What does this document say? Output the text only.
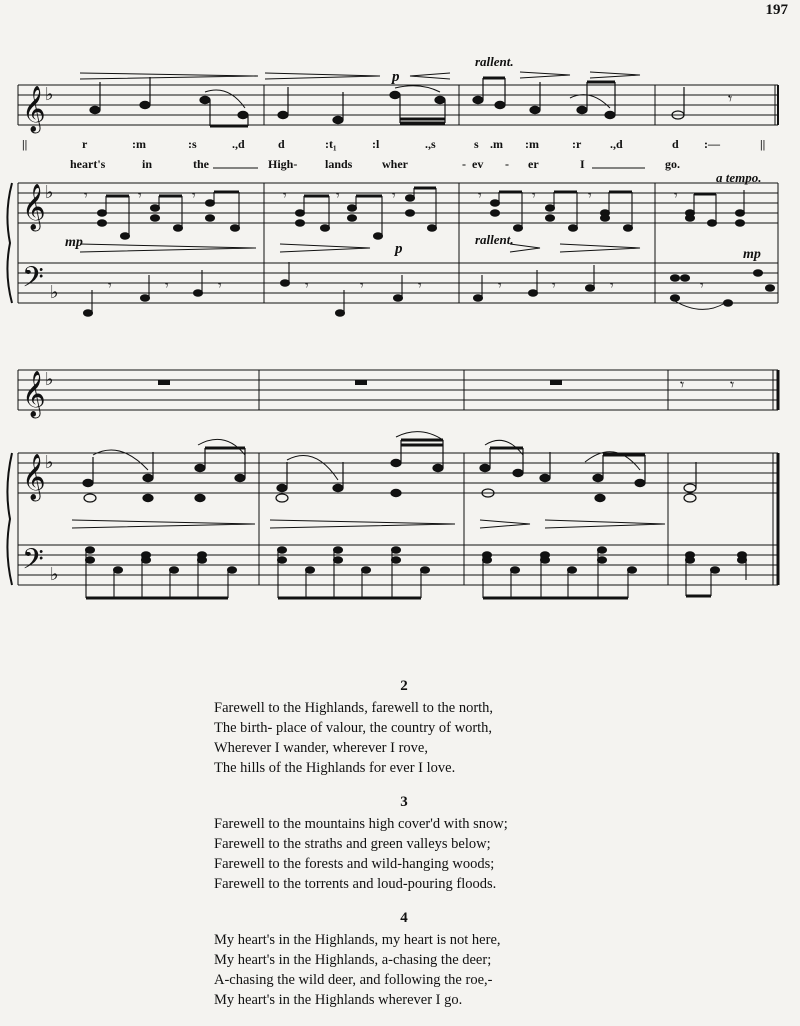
197
𝄞 ♭
𝄞 ♭
𝄢 ♭
𝄾
𝄾	𝄾	𝄾	𝄾	𝄾	𝄾	𝄾	𝄾	𝄾	𝄾
𝄾	𝄾	𝄾	𝄾	𝄾	𝄾	𝄾	𝄾	𝄾	𝄾
rallent.
p
a tempo.
mp	p
rallent.
mp
||	r	:m	:s	.,d	d	:t₁	:l	.,s	s .m :m	:r .,d	d :—	||
heart's	in	the	High- lands wher	- ev - er	I	go.
𝄞 ♭
𝄞 ♭
𝄢 ♭
𝄾	𝄾
2
Farewell to the Highlands, farewell to the north,
The birth- place of valour, the country of worth,
Wherever I wander, wherever I rove,
The hills of the Highlands for ever I love.
3
Farewell to the mountains high cover'd with snow;
Farewell to the straths and green valleys below;
Farewell to the forests and wild-hanging woods;
Farewell to the torrents and loud-pouring floods.
4
My heart's in the Highlands, my heart is not here,
My heart's in the Highlands, a-chasing the deer;
A-chasing the wild deer, and following the roe,-
My heart's in the Highlands wherever I go.
